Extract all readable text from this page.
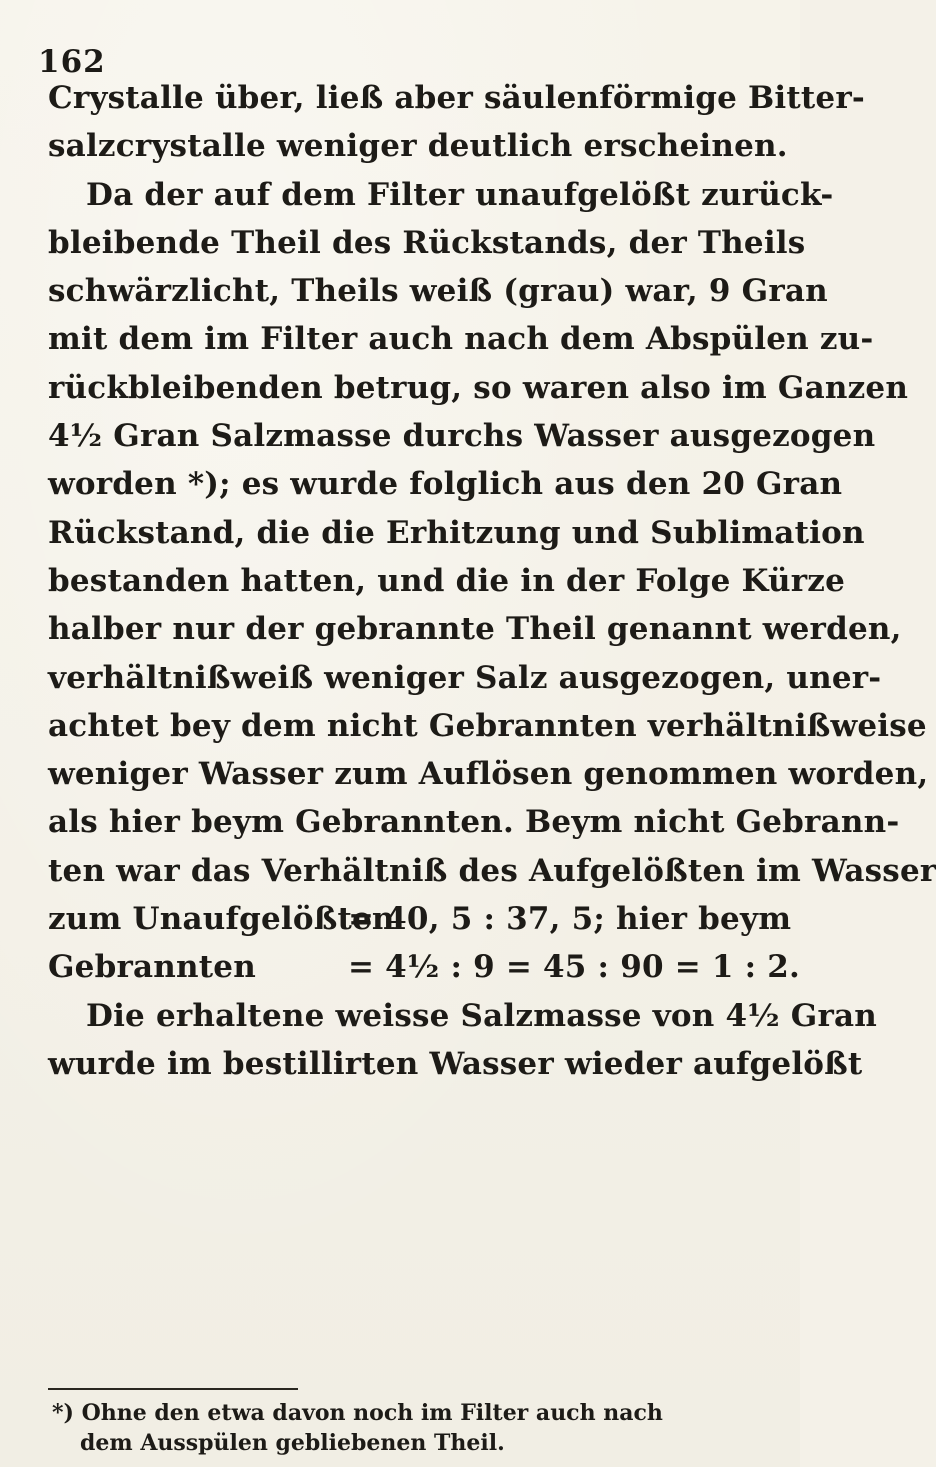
162
Crystalle über, ließ aber säulenförmige Bitter-
salzcrystalle weniger deutlich erscheinen.
Da der auf dem Filter unaufgelößt zurück-
bleibende Theil des Rückstands, der Theils
schwärzlicht, Theils weiß (grau) war, 9 Gran
mit dem im Filter auch nach dem Abspülen zu-
rückbleibenden betrug, so waren also im Ganzen
4½ Gran Salzmasse durchs Wasser ausgezogen
worden *); es wurde folglich aus den 20 Gran
Rückstand, die die Erhitzung und Sublimation
bestanden hatten, und die in der Folge Kürze
halber nur der gebrannte Theil genannt werden,
verhältnißweiß weniger Salz ausgezogen, uner-
achtet bey dem nicht Gebrannten verhältnißweise
weniger Wasser zum Auflösen genommen worden,
als hier beym Gebrannten. Beym nicht Gebrann-
ten war das Verhältniß des Aufgelößten im Wasser
zum Unaufgelößten= 40, 5 : 37, 5; hier beym
Gebrannten	= 4½ : 9 = 45 : 90 = 1 : 2.
Die erhaltene weisse Salzmasse von 4½ Gran
wurde im bestillirten Wasser wieder aufgelößt
*) Ohne den etwa davon noch im Filter auch nach
dem Ausspülen gebliebenen Theil.
